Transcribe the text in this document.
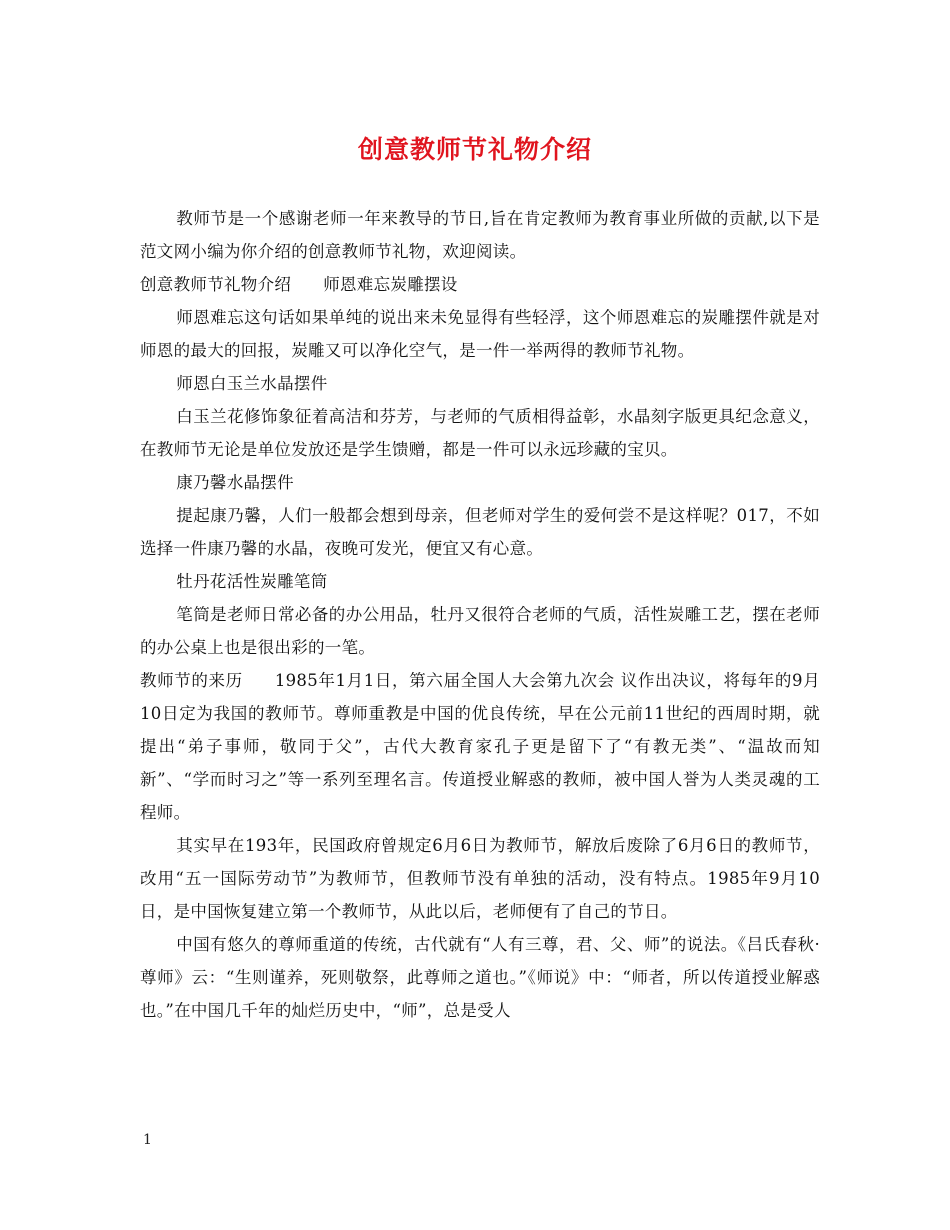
创意教师节礼物介绍

教师节是一个感谢老师一年来教导的节日,旨在肯定教师为教育事业所做的贡献,以下是范文网小编为你介绍的创意教师节礼物，欢迎阅读。

创意教师节礼物介绍 师恩难忘炭雕摆设

师恩难忘这句话如果单纯的说出来未免显得有些轻浮，这个师恩难忘的炭雕摆件就是对师恩的最大的回报，炭雕又可以净化空气，是一件一举两得的教师节礼物。

师恩白玉兰水晶摆件

白玉兰花修饰象征着高洁和芬芳，与老师的气质相得益彰，水晶刻字版更具纪念意义，在教师节无论是单位发放还是学生馈赠，都是一件可以永远珍藏的宝贝。

康乃馨水晶摆件

提起康乃馨，人们一般都会想到母亲，但老师对学生的爱何尝不是这样呢？017，不如选择一件康乃馨的水晶，夜晚可发光，便宜又有心意。

牡丹花活性炭雕笔筒

笔筒是老师日常必备的办公用品，牡丹又很符合老师的气质，活性炭雕工艺，摆在老师的办公桌上也是很出彩的一笔。

教师节的来历 1985年1月1日，第六届全国人大会第九次会 议作出决议，将每年的9月10日定为我国的教师节。尊师重教是中国的优良传统，早在公元前11世纪的西周时期，就提出“弟子事师，敬同于父”，古代大教育家孔子更是留下了“有教无类”、“温故而知新”、“学而时习之”等一系列至理名言。传道授业解惑的教师，被中国人誉为人类灵魂的工程师。

其实早在193年，民国政府曾规定6月6日为教师节，解放后废除了6月6日的教师节，改用“五一国际劳动节”为教师节，但教师节没有单独的活动，没有特点。1985年9月10日，是中国恢复建立第一个教师节，从此以后，老师便有了自己的节日。

中国有悠久的尊师重道的传统，古代就有“人有三尊，君、父、师”的说法。《吕氏春秋·尊师》云：“生则谨养，死则敬祭，此尊师之道也。”《师说》中：“师者，所以传道授业解惑也。”在中国几千年的灿烂历史中，“师”，总是受人

1
